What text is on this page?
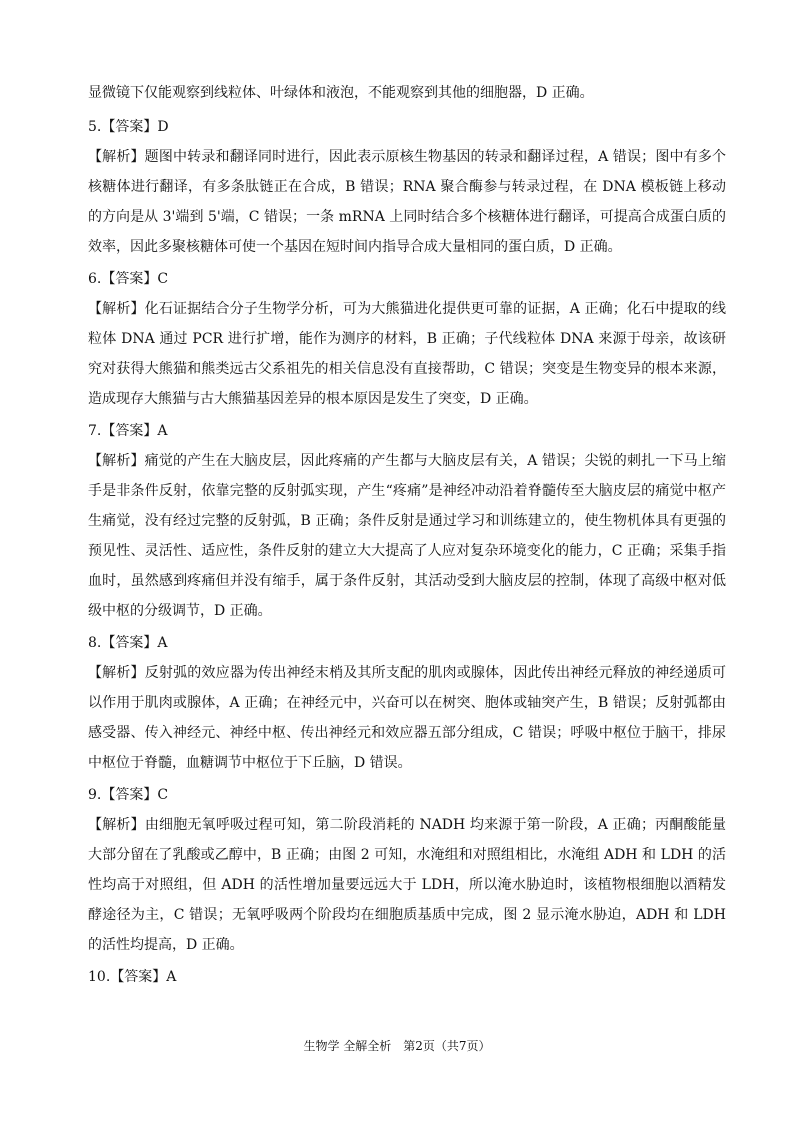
显微镜下仅能观察到线粒体、叶绿体和液泡，不能观察到其他的细胞器，D 正确。

5.【答案】D

【解析】题图中转录和翻译同时进行，因此表示原核生物基因的转录和翻译过程，A 错误；图中有多个核糖体进行翻译，有多条肽链正在合成，B 错误；RNA 聚合酶参与转录过程，在 DNA 模板链上移动的方向是从 3'端到 5'端，C 错误；一条 mRNA 上同时结合多个核糖体进行翻译，可提高合成蛋白质的效率，因此多聚核糖体可使一个基因在短时间内指导合成大量相同的蛋白质，D 正确。

6.【答案】C

【解析】化石证据结合分子生物学分析，可为大熊猫进化提供更可靠的证据，A 正确；化石中提取的线粒体 DNA 通过 PCR 进行扩增，能作为测序的材料，B 正确；子代线粒体 DNA 来源于母亲，故该研究对获得大熊猫和熊类远古父系祖先的相关信息没有直接帮助，C 错误；突变是生物变异的根本来源，造成现存大熊猫与古大熊猫基因差异的根本原因是发生了突变，D 正确。

7.【答案】A

【解析】痛觉的产生在大脑皮层，因此疼痛的产生都与大脑皮层有关，A 错误；尖锐的刺扎一下马上缩手是非条件反射，依靠完整的反射弧实现，产生“疼痛”是神经冲动沿着脊髓传至大脑皮层的痛觉中枢产生痛觉，没有经过完整的反射弧，B 正确；条件反射是通过学习和训练建立的，使生物机体具有更强的预见性、灵活性、适应性，条件反射的建立大大提高了人应对复杂环境变化的能力，C 正确；采集手指血时，虽然感到疼痛但并没有缩手，属于条件反射，其活动受到大脑皮层的控制，体现了高级中枢对低级中枢的分级调节，D 正确。

8.【答案】A

【解析】反射弧的效应器为传出神经末梢及其所支配的肌肉或腺体，因此传出神经元释放的神经递质可以作用于肌肉或腺体，A 正确；在神经元中，兴奋可以在树突、胞体或轴突产生，B 错误；反射弧都由感受器、传入神经元、神经中枢、传出神经元和效应器五部分组成，C 错误；呼吸中枢位于脑干，排尿中枢位于脊髓，血糖调节中枢位于下丘脑，D 错误。

9.【答案】C

【解析】由细胞无氧呼吸过程可知，第二阶段消耗的 NADH 均来源于第一阶段，A 正确；丙酮酸能量大部分留在了乳酸或乙醇中，B 正确；由图 2 可知，水淹组和对照组相比，水淹组 ADH 和 LDH 的活性均高于对照组，但 ADH 的活性增加量要远远大于 LDH，所以淹水胁迫时，该植物根细胞以酒精发酵途径为主，C 错误；无氧呼吸两个阶段均在细胞质基质中完成，图 2 显示淹水胁迫，ADH 和 LDH 的活性均提高，D 正确。

10.【答案】A

生物学 全解全析　第2页（共7页）
